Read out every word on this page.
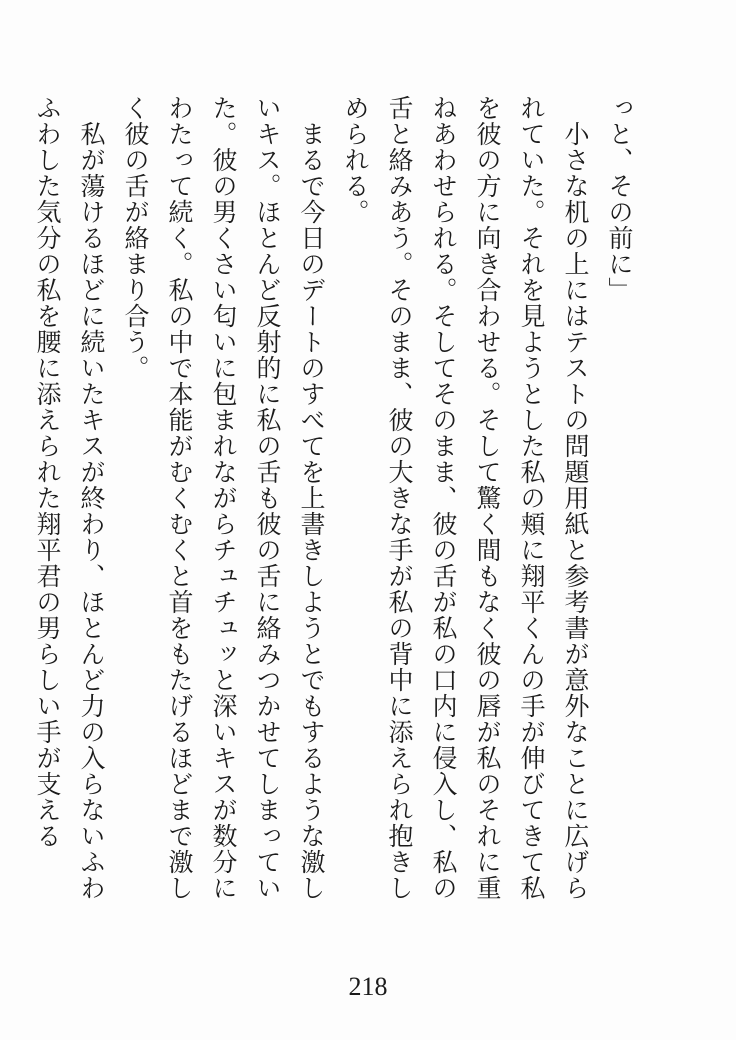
っと、その前に」

　小さな机の上にはテストの問題用紙と参考書が意外なことに広げら

れていた。それを見ようとした私の頬に翔平くんの手が伸びてきて私

を彼の方に向き合わせる。そして驚く間もなく彼の唇が私のそれに重

ねあわせられる。そしてそのまま、彼の舌が私の口内に侵入し、私の

舌と絡みあう。そのまま、彼の大きな手が私の背中に添えられ抱きし

められる。

　まるで今日のデートのすべてを上書きしようとでもするような激し

いキス。ほとんど反射的に私の舌も彼の舌に絡みつかせてしまってい

た。彼の男くさい匂いに包まれながらチュチュッと深いキスが数分に

わたって続く。私の中で本能がむくむくと首をもたげるほどまで激し

く彼の舌が絡まり合う。

　私が蕩けるほどに続いたキスが終わり、ほとんど力の入らないふわ

ふわした気分の私を腰に添えられた翔平君の男らしい手が支える

218
